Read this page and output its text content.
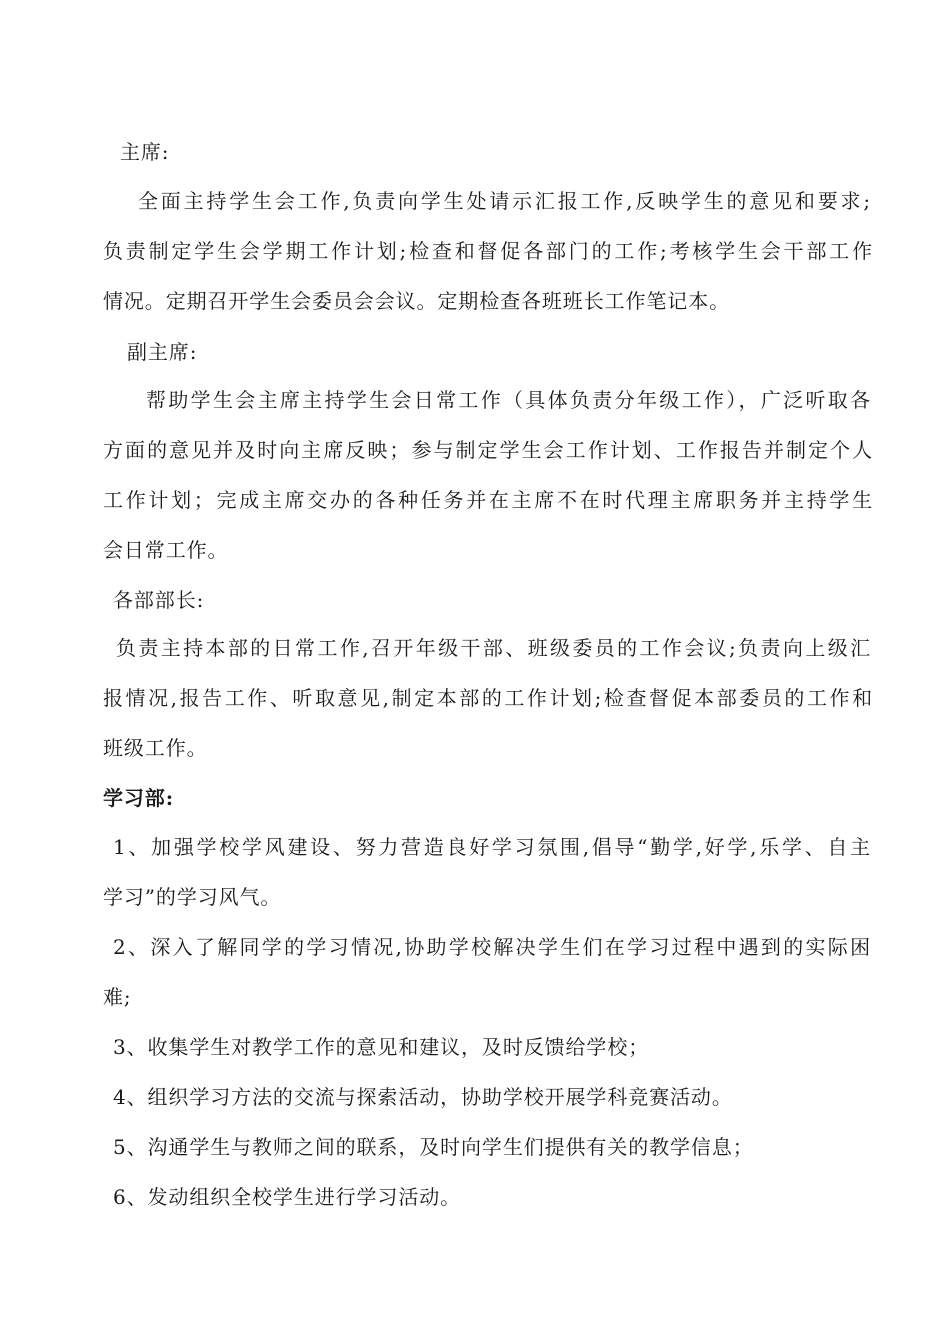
主席:
全面主持学生会工作,负责向学生处请示汇报工作,反映学生的意见和要求;
负责制定学生会学期工作计划;检查和督促各部门的工作;考核学生会干部工作
情况。定期召开学生会委员会会议。定期检查各班班长工作笔记本。
副主席:
帮助学生会主席主持学生会日常工作（具体负责分年级工作），广泛听取各
方面的意见并及时向主席反映；参与制定学生会工作计划、工作报告并制定个人
工作计划；完成主席交办的各种任务并在主席不在时代理主席职务并主持学生
会日常工作。
各部部长:
负责主持本部的日常工作,召开年级干部、班级委员的工作会议;负责向上级汇
报情况,报告工作、听取意见,制定本部的工作计划;检查督促本部委员的工作和
班级工作。
学习部:
1、加强学校学风建设、努力营造良好学习氛围,倡导“勤学,好学,乐学、自主
学习”的学习风气。
2、深入了解同学的学习情况,协助学校解决学生们在学习过程中遇到的实际困
难;
3、收集学生对教学工作的意见和建议，及时反馈给学校；
4、组织学习方法的交流与探索活动，协助学校开展学科竞赛活动。
5、沟通学生与教师之间的联系，及时向学生们提供有关的教学信息；
6、发动组织全校学生进行学习活动。
